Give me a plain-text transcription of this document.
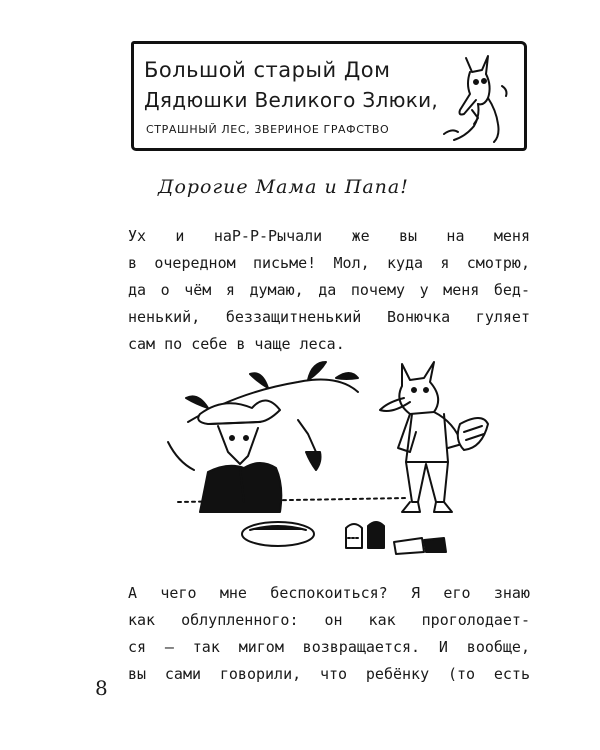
Большой старый Дом
Дядюшки Великого Злюки,
СТРАШНЫЙ ЛЕС, ЗВЕРИНОЕ ГРАФСТВО
Дорогие Мама и Папа!
Ух и наР-Р-Рычали же вы на меня
в очередном письме! Мол, куда я смотрю,
да о чём я думаю, да почему у меня бед-
ненький, беззащитненький Вонючка гуляет
сам по себе в чаще леса.
А чего мне беспокоиться? Я его знаю
как облупленного: он как проголодает-
ся — так мигом возвращается. И вообще,
вы сами говорили, что ребёнку (то есть
8
